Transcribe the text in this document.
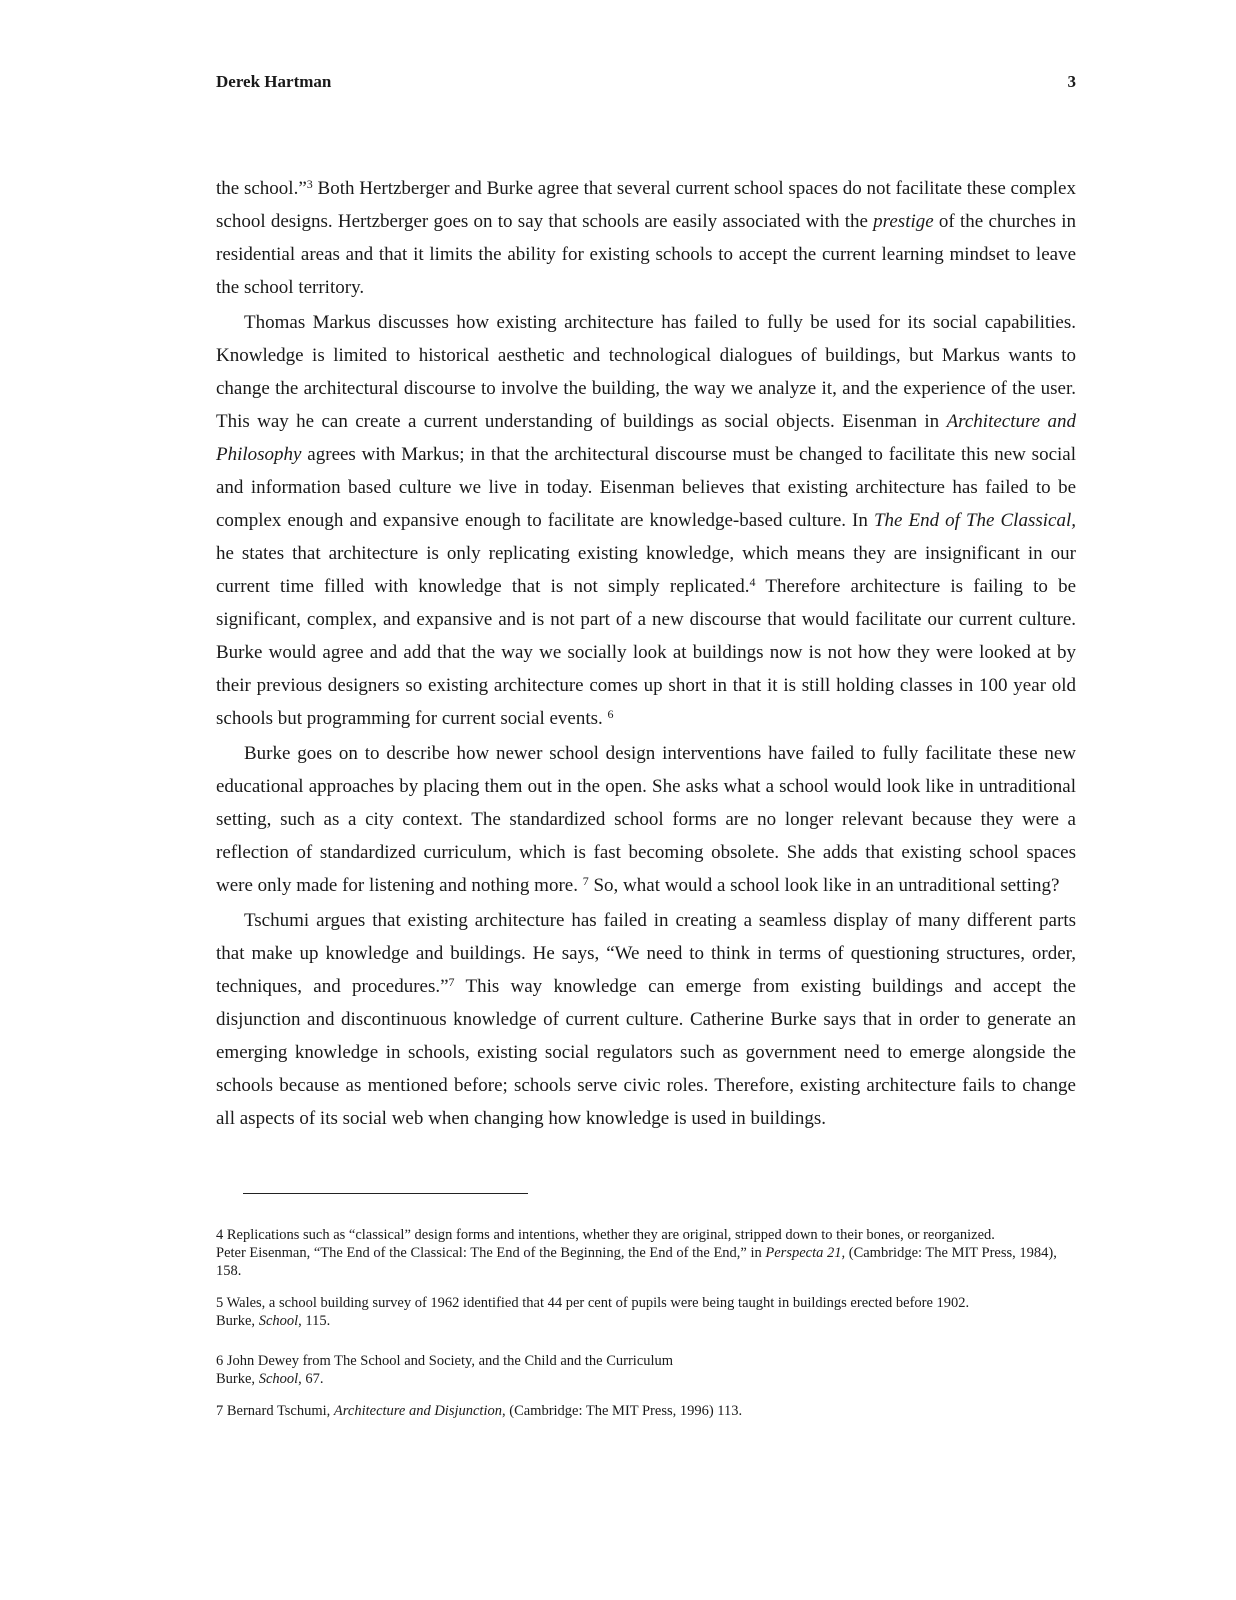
Derek Hartman	3

the school.”$^3$ Both Hertzberger and Burke agree that several current school spaces do not facilitate these complex school designs. Hertzberger goes on to say that schools are easily associated with the prestige of the churches in residential areas and that it limits the ability for existing schools to accept the current learning mindset to leave the school territory.

Thomas Markus discusses how existing architecture has failed to fully be used for its social capabilities. Knowledge is limited to historical aesthetic and technological dialogues of buildings, but Markus wants to change the architectural discourse to involve the building, the way we analyze it, and the experience of the user. This way he can create a current understanding of buildings as social objects. Eisenman in Architecture and Philosophy agrees with Markus; in that the architectural discourse must be changed to facilitate this new social and information based culture we live in today. Eisenman believes that existing architecture has failed to be complex enough and expansive enough to facilitate are knowledge-based culture. In The End of The Classical, he states that architecture is only replicating existing knowledge, which means they are insignificant in our current time filled with knowledge that is not simply replicated.$^4$ Therefore architecture is failing to be significant, complex, and expansive and is not part of a new discourse that would facilitate our current culture. Burke would agree and add that the way we socially look at buildings now is not how they were looked at by their previous designers so existing architecture comes up short in that it is still holding classes in 100 year old schools but programming for current social events. $^6$

Burke goes on to describe how newer school design interventions have failed to fully facilitate these new educational approaches by placing them out in the open. She asks what a school would look like in untraditional setting, such as a city context. The standardized school forms are no longer relevant because they were a reflection of standardized curriculum, which is fast becoming obsolete. She adds that existing school spaces were only made for listening and nothing more. $^7$ So, what would a school look like in an untraditional setting?

Tschumi argues that existing architecture has failed in creating a seamless display of many different parts that make up knowledge and buildings. He says, “We need to think in terms of questioning structures, order, techniques, and procedures.”$^7$ This way knowledge can emerge from existing buildings and accept the disjunction and discontinuous knowledge of current culture. Catherine Burke says that in order to generate an emerging knowledge in schools, existing social regulators such as government need to emerge alongside the schools because as mentioned before; schools serve civic roles. Therefore, existing architecture fails to change all aspects of its social web when changing how knowledge is used in buildings.

4 Replications such as “classical” design forms and intentions, whether they are original, stripped down to their bones, or reorganized.
Peter Eisenman, “The End of the Classical: The End of the Beginning, the End of the End,” in Perspecta 21, (Cambridge: The MIT Press, 1984), 158.
5 Wales, a school building survey of 1962 identified that 44 per cent of pupils were being taught in buildings erected before 1902.
Burke, School, 115.
6 John Dewey from The School and Society, and the Child and the Curriculum
Burke, School, 67.
7 Bernard Tschumi, Architecture and Disjunction, (Cambridge: The MIT Press, 1996) 113.
